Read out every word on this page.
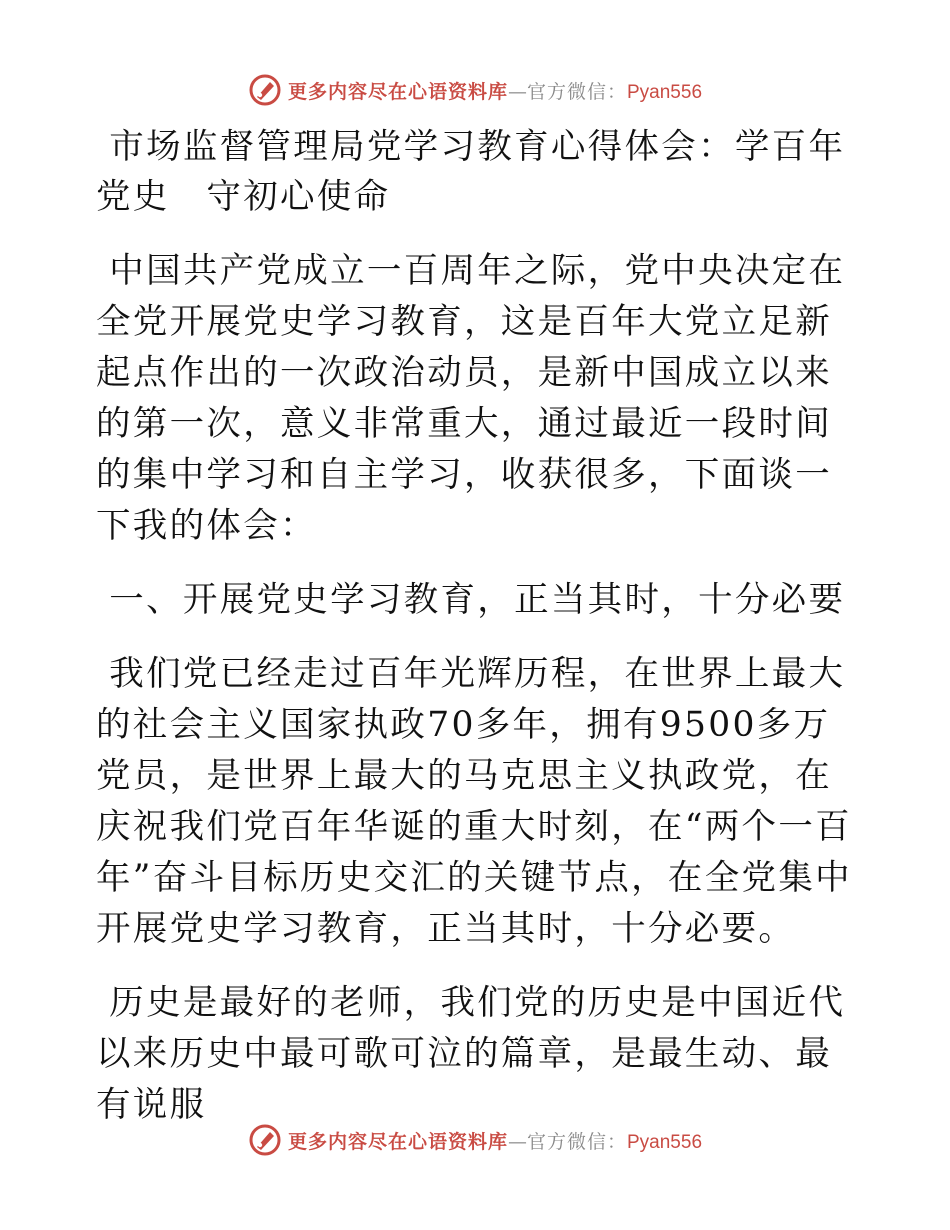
更多内容尽在心语资料库—官方微信：Pyan556

市场监督管理局党学习教育心得体会：学百年党史　守初心使命

中国共产党成立一百周年之际，党中央决定在全党开展党史学习教育，这是百年大党立足新起点作出的一次政治动员，是新中国成立以来的第一次，意义非常重大，通过最近一段时间的集中学习和自主学习，收获很多，下面谈一下我的体会：

一、开展党史学习教育，正当其时，十分必要

我们党已经走过百年光辉历程，在世界上最大的社会主义国家执政70多年，拥有9500多万党员，是世界上最大的马克思主义执政党，在庆祝我们党百年华诞的重大时刻，在“两个一百年”奋斗目标历史交汇的关键节点，在全党集中开展党史学习教育，正当其时，十分必要。

历史是最好的老师，我们党的历史是中国近代以来历史中最可歌可泣的篇章，是最生动、最有说服

更多内容尽在心语资料库—官方微信：Pyan556
